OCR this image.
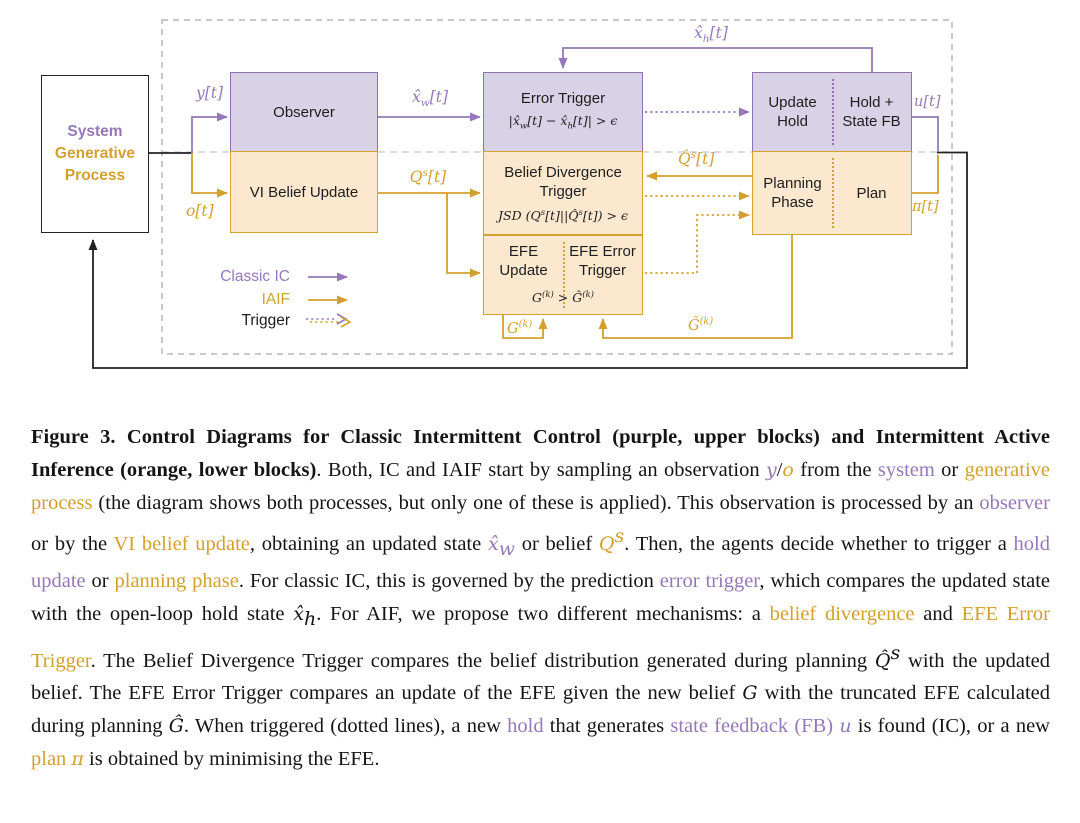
System
Generative
Process
Observer
VI Belief Update
Error Trigger
$|x̂_w[t]$ − $x̂_h[t]| > \epsilon$
Belief Divergence Trigger
JSD $(Q^s[t]||Q̂^s[t]) > \epsilon$
EFE Update
EFE Error Trigger
$G^{(k)}$ > $Ĝ^{(k)}$
Update Hold
Hold + State FB
Planning Phase
Plan
y[t]
o[t]
$x̂_w[t]$
$Q^s[t]$
$x̂_h[t]$
Q̂$^s$[t]
u[t]
π[t]
$G^{(k)}$	$Ĝ^{(k)}$
Classic IC
IAIF
Trigger

Figure 3. Control Diagrams for Classic Intermittent Control (purple, upper blocks) and Intermittent Active Inference (orange, lower blocks). Both, IC and IAIF start by sampling an observation y/o from the system or generative process (the diagram shows both processes, but only one of these is applied). This observation is processed by an observer or by the VI belief update, obtaining an updated state $x̂_w$ or belief $Q^s$. Then, the agents decide whether to trigger a hold update or planning phase. For classic IC, this is governed by the prediction error trigger, which compares the updated state with the open-loop hold state $x̂_h$. For AIF, we propose two different mechanisms: a belief divergence and EFE Error Trigger. The Belief Divergence Trigger compares the belief distribution generated during planning Q̂$^s$ with the updated belief. The EFE Error Trigger compares an update of the EFE given the new belief G with the truncated EFE calculated during planning Ĝ. When triggered (dotted lines), a new hold that generates state feedback (FB) u is found (IC), or a new plan π is obtained by minimising the EFE.
